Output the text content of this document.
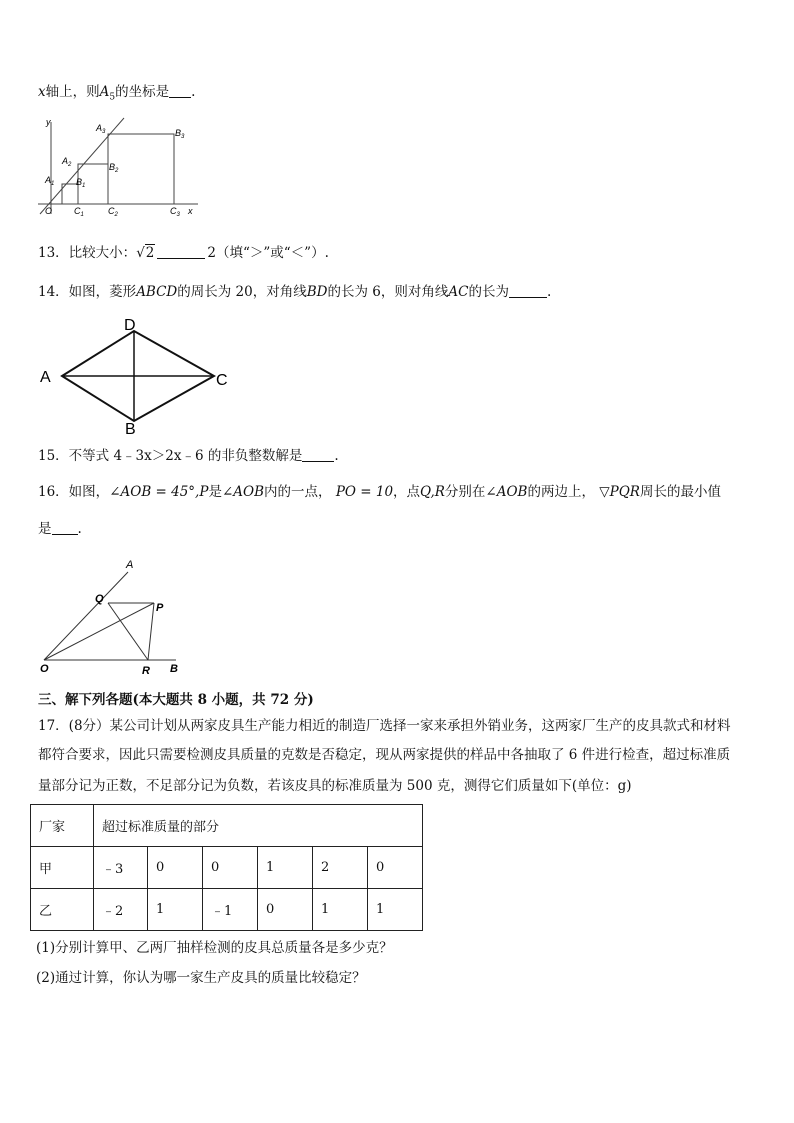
x轴上，则$A_5$的坐标是 .
y
x
O
$A_1$
$A_2$
$A_3$
$B_1$
$B_2$
$B_3$
$C_1$	$C_2$	$C_3$
13．比较大小：√2	2（填“＞”或“＜”）.
14．如图，菱形ABCD的周长为 20，对角线BD的长为 6，则对角线AC的长为	.
A
B
C
D
15．不等式 4﹣3x＞2x﹣6 的非负整数解是 .
16．如图，∠AOB = 45°,P是∠AOB内的一点， PO = 10，点Q,R分别在∠AOB的两边上， ▽PQR周长的最小值
是 .
A
B
O
P
Q
R
三、解下列各题(本大题共 8 小题，共 72 分)
17．(8分）某公司计划从两家皮具生产能力相近的制造厂选择一家来承担外销业务，这两家厂生产的皮具款式和材料
都符合要求，因此只需要检测皮具质量的克数是否稳定，现从两家提供的样品中各抽取了 6 件进行检查，超过标准质
量部分记为正数，不足部分记为负数，若该皮具的标准质量为 500 克，测得它们质量如下(单位：g)
厂家	超过标准质量的部分					
甲	﹣3	0	0	1	2	0
乙	﹣2	1	﹣1	0	1	1
(1)分别计算甲、乙两厂抽样检测的皮具总质量各是多少克？
(2)通过计算，你认为哪一家生产皮具的质量比较稳定？
